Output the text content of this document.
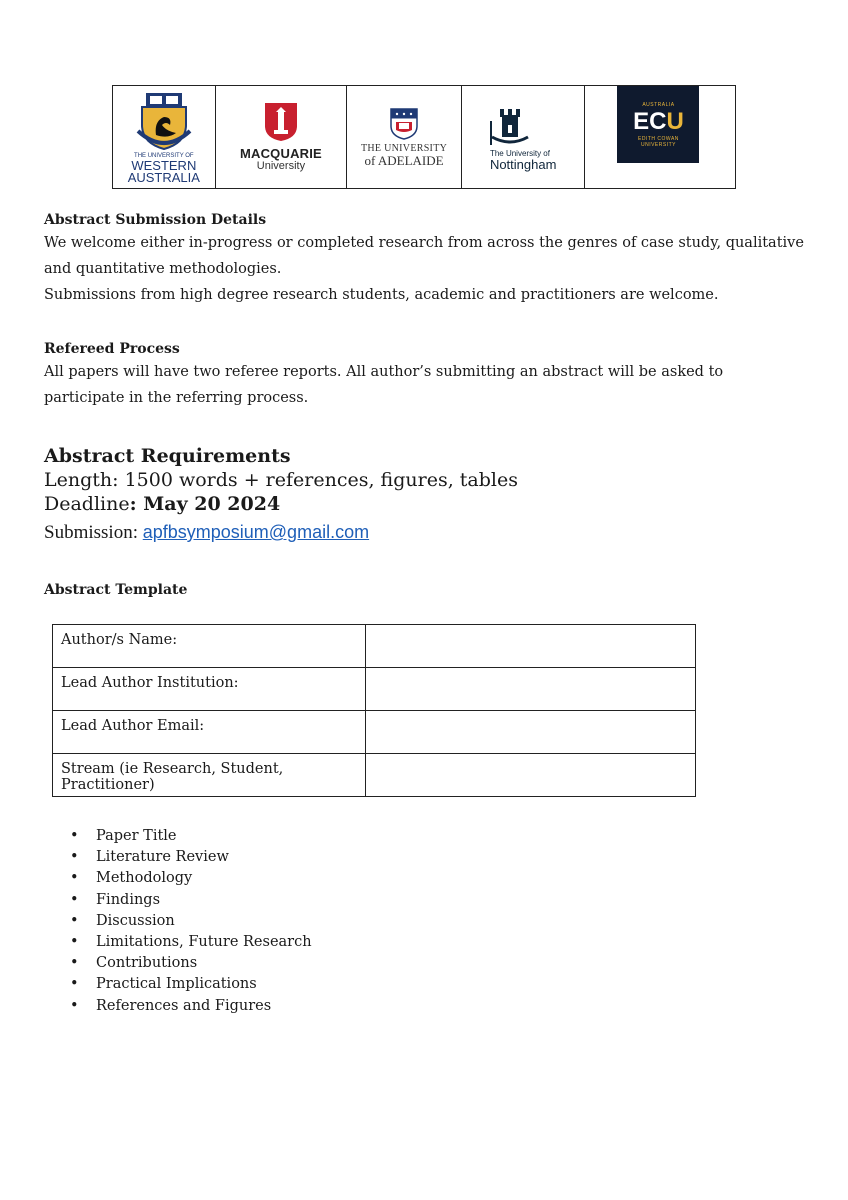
THE UNIVERSITY OF
WESTERN
AUSTRALIA
MACQUARIE
University
THE UNIVERSITY
of ADELAIDE	The University of
Nottingham
AUSTRALIA
ECU
EDITH COWAN
UNIVERSITY

Abstract Submission Details

We welcome either in-progress or completed research from across the genres of case study, qualitative and quantitative methodologies.

Submissions from high degree research students, academic and practitioners are welcome.

Refereed Process

All papers will have two referee reports. All author’s submitting an abstract will be asked to participate in the referring process.

Abstract Requirements

Length: 1500 words + references, figures, tables

Deadline: May 20 2024

Submission: apfbsymposium@gmail.com

Abstract Template

Author/s Name:	
Lead Author Institution:	
Lead Author Email:	
Stream (ie Research, Student, Practitioner)	
• Paper Title
• Literature Review
• Methodology
• Findings
• Discussion
• Limitations, Future Research
• Contributions
• Practical Implications
• References and Figures
